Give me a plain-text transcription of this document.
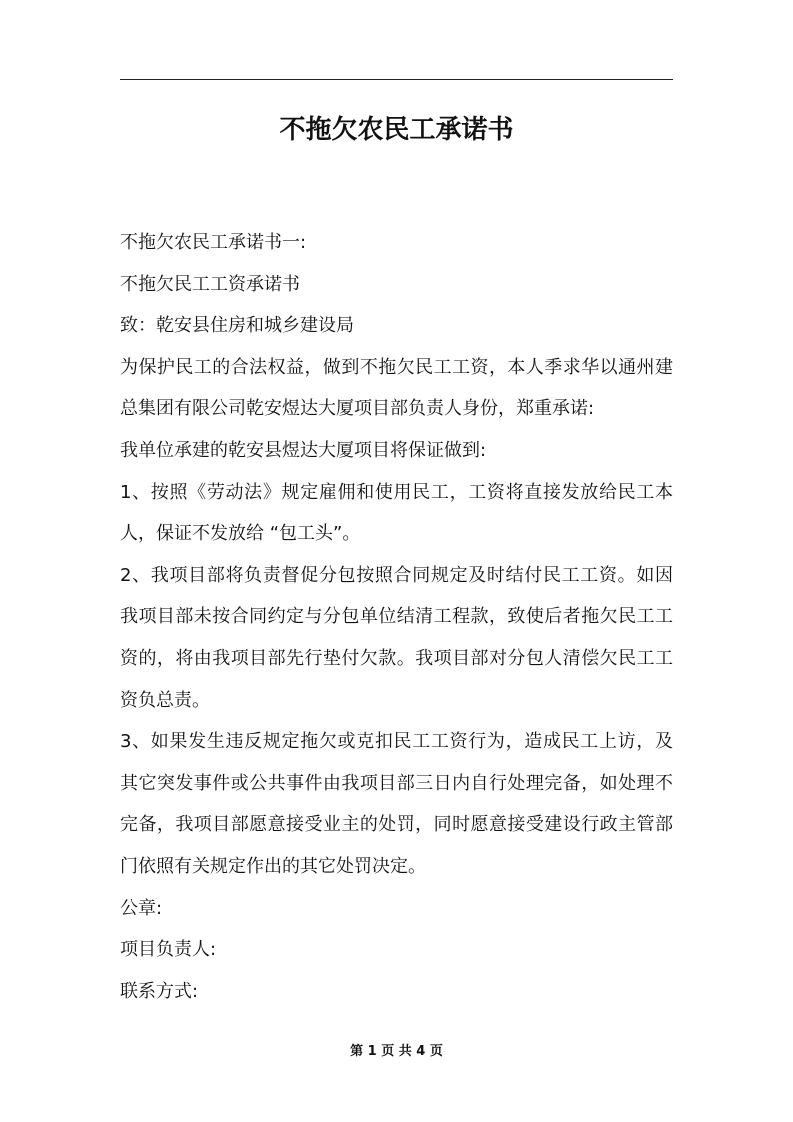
不拖欠农民工承诺书
不拖欠农民工承诺书一:
不拖欠民工工资承诺书
致：乾安县住房和城乡建设局
为保护民工的合法权益，做到不拖欠民工工资，本人季求华以通州建
总集团有限公司乾安煜达大厦项目部负责人身份，郑重承诺:
我单位承建的乾安县煜达大厦项目将保证做到:
1、按照《劳动法》规定雇佣和使用民工，工资将直接发放给民工本
人，保证不发放给 “包工头”。
2、我项目部将负责督促分包按照合同规定及时结付民工工资。如因
我项目部未按合同约定与分包单位结清工程款，致使后者拖欠民工工
资的，将由我项目部先行垫付欠款。我项目部对分包人清偿欠民工工
资负总责。
3、如果发生违反规定拖欠或克扣民工工资行为，造成民工上访，及
其它突发事件或公共事件由我项目部三日内自行处理完备，如处理不
完备，我项目部愿意接受业主的处罚，同时愿意接受建设行政主管部
门依照有关规定作出的其它处罚决定。
公章:
项目负责人:
联系方式:
第 1 页 共 4 页
